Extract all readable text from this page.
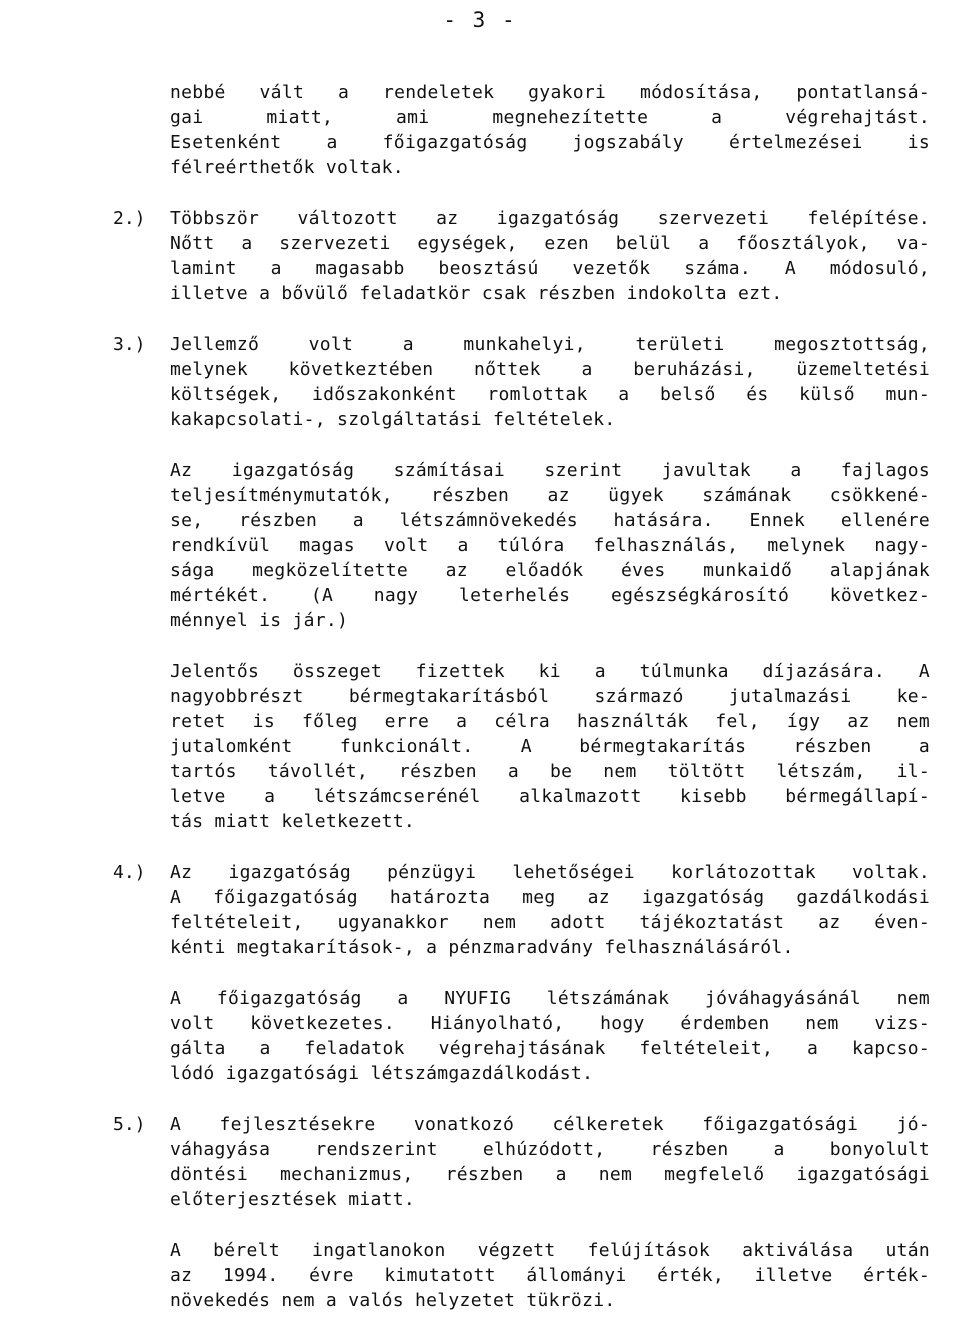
- 3 -
nebbé vált a rendeletek gyakori módosítása, pontatlansá-
gai miatt, ami megnehezítette a végrehajtást.
Esetenként a főigazgatóság jogszabály értelmezései is
félreérthetők voltak.
2.) Többször változott az igazgatóság szervezeti felépítése.
Nőtt a szervezeti egységek, ezen belül a főosztályok, va-
lamint a magasabb beosztású vezetők száma. A módosuló,
illetve a bővülő feladatkör csak részben indokolta ezt.
3.) Jellemző volt a munkahelyi, területi megosztottság,
melynek következtében nőttek a beruházási, üzemeltetési
költségek, időszakonként romlottak a belső és külső mun-
kakapcsolati-, szolgáltatási feltételek.
Az igazgatóság számításai szerint javultak a fajlagos
teljesítménymutatók, részben az ügyek számának csökkené-
se, részben a létszámnövekedés hatására. Ennek ellenére
rendkívül magas volt a túlóra felhasználás, melynek nagy-
sága megközelítette az előadók éves munkaidő alapjának
mértékét. (A nagy leterhelés egészségkárosító következ-
ménnyel is jár.)
Jelentős összeget fizettek ki a túlmunka díjazására. A
nagyobbrészt bérmegtakarításból származó jutalmazási ke-
retet is főleg erre a célra használták fel, így az nem
jutalomként funkcionált. A bérmegtakarítás részben a
tartós távollét, részben a be nem töltött létszám, il-
letve a létszámcserénél alkalmazott kisebb bérmegállapí-
tás miatt keletkezett.
4.) Az igazgatóság pénzügyi lehetőségei korlátozottak voltak.
A főigazgatóság határozta meg az igazgatóság gazdálkodási
feltételeit, ugyanakkor nem adott tájékoztatást az éven-
kénti megtakarítások-, a pénzmaradvány felhasználásáról.
A főigazgatóság a NYUFIG létszámának jóváhagyásánál nem
volt következetes. Hiányolható, hogy érdemben nem vizs-
gálta a feladatok végrehajtásának feltételeit, a kapcso-
lódó igazgatósági létszámgazdálkodást.
5.) A fejlesztésekre vonatkozó célkeretek főigazgatósági jó-
váhagyása rendszerint elhúzódott, részben a bonyolult
döntési mechanizmus, részben a nem megfelelő igazgatósági
előterjesztések miatt.
A bérelt ingatlanokon végzett felújítások aktiválása után
az 1994. évre kimutatott állományi érték, illetve érték-
növekedés nem a valós helyzetet tükrözi.
